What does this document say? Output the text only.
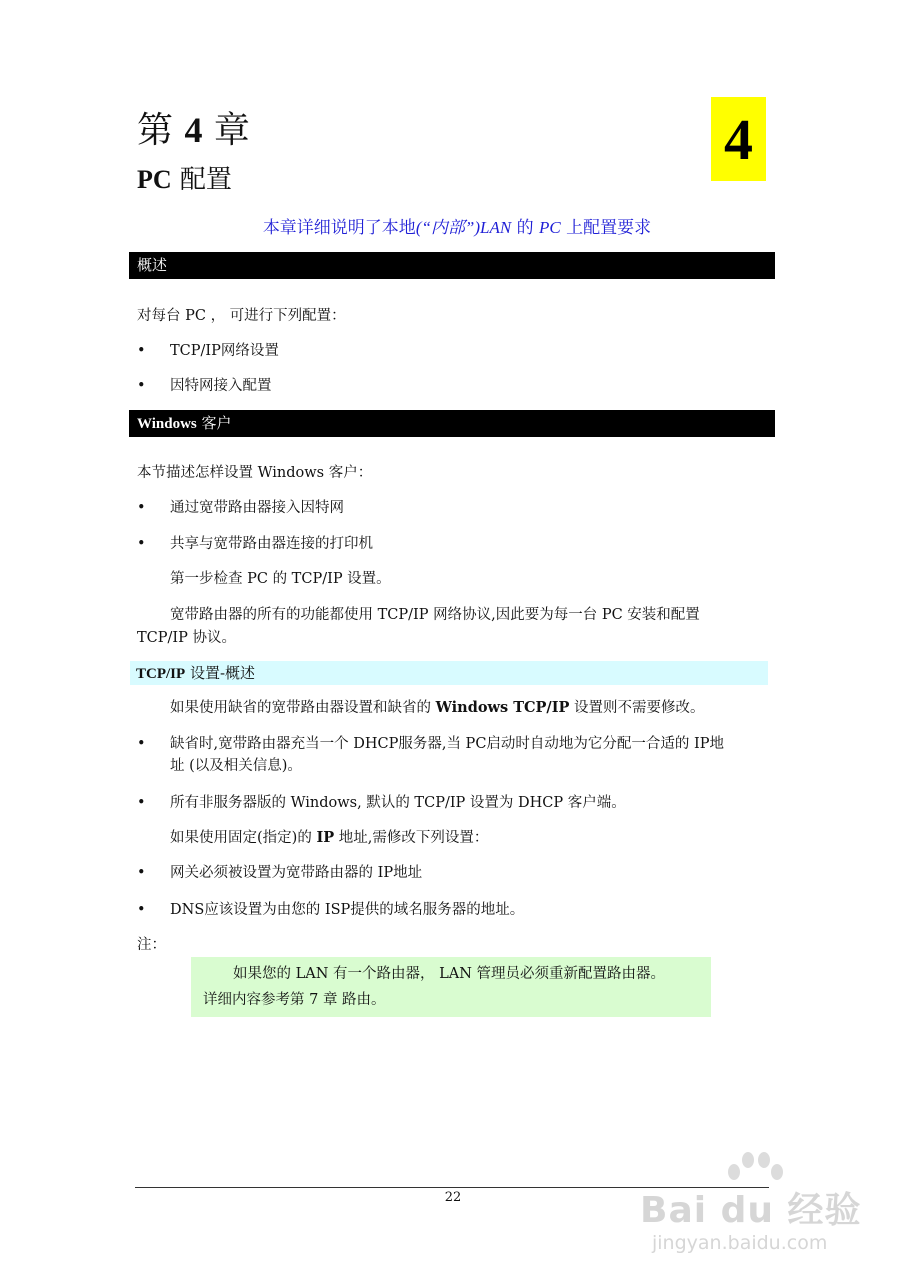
第 4 章
PC 配置
4
本章详细说明了本地(“内部”)LAN 的 PC 上配置要求
概述
对每台 PC ， 可进行下列配置：
• TCP/IP网络设置
• 因特网接入配置
Windows 客户
本节描述怎样设置 Windows 客户：
• 通过宽带路由器接入因特网
• 共享与宽带路由器连接的打印机
第一步检查 PC 的 TCP/IP 设置。
宽带路由器的所有的功能都使用 TCP/IP 网络协议,因此要为每一台 PC 安装和配置
TCP/IP 协议。
TCP/IP 设置-概述
如果使用缺省的宽带路由器设置和缺省的 Windows TCP/IP 设置则不需要修改。
• 缺省时,宽带路由器充当一个 DHCP服务器,当 PC启动时自动地为它分配一合适的 IP地址 (以及相关信息)。
• 所有非服务器版的 Windows, 默认的 TCP/IP 设置为 DHCP 客户端。
如果使用固定(指定)的 IP 地址,需修改下列设置：
• 网关必须被设置为宽带路由器的 IP地址
• DNS应该设置为由您的 ISP提供的域名服务器的地址。
注：
如果您的 LAN 有一个路由器， LAN 管理员必须重新配置路由器。
详细内容参考第 7 章 路由。
22	Bai du 经验
jingyan.baidu.com
